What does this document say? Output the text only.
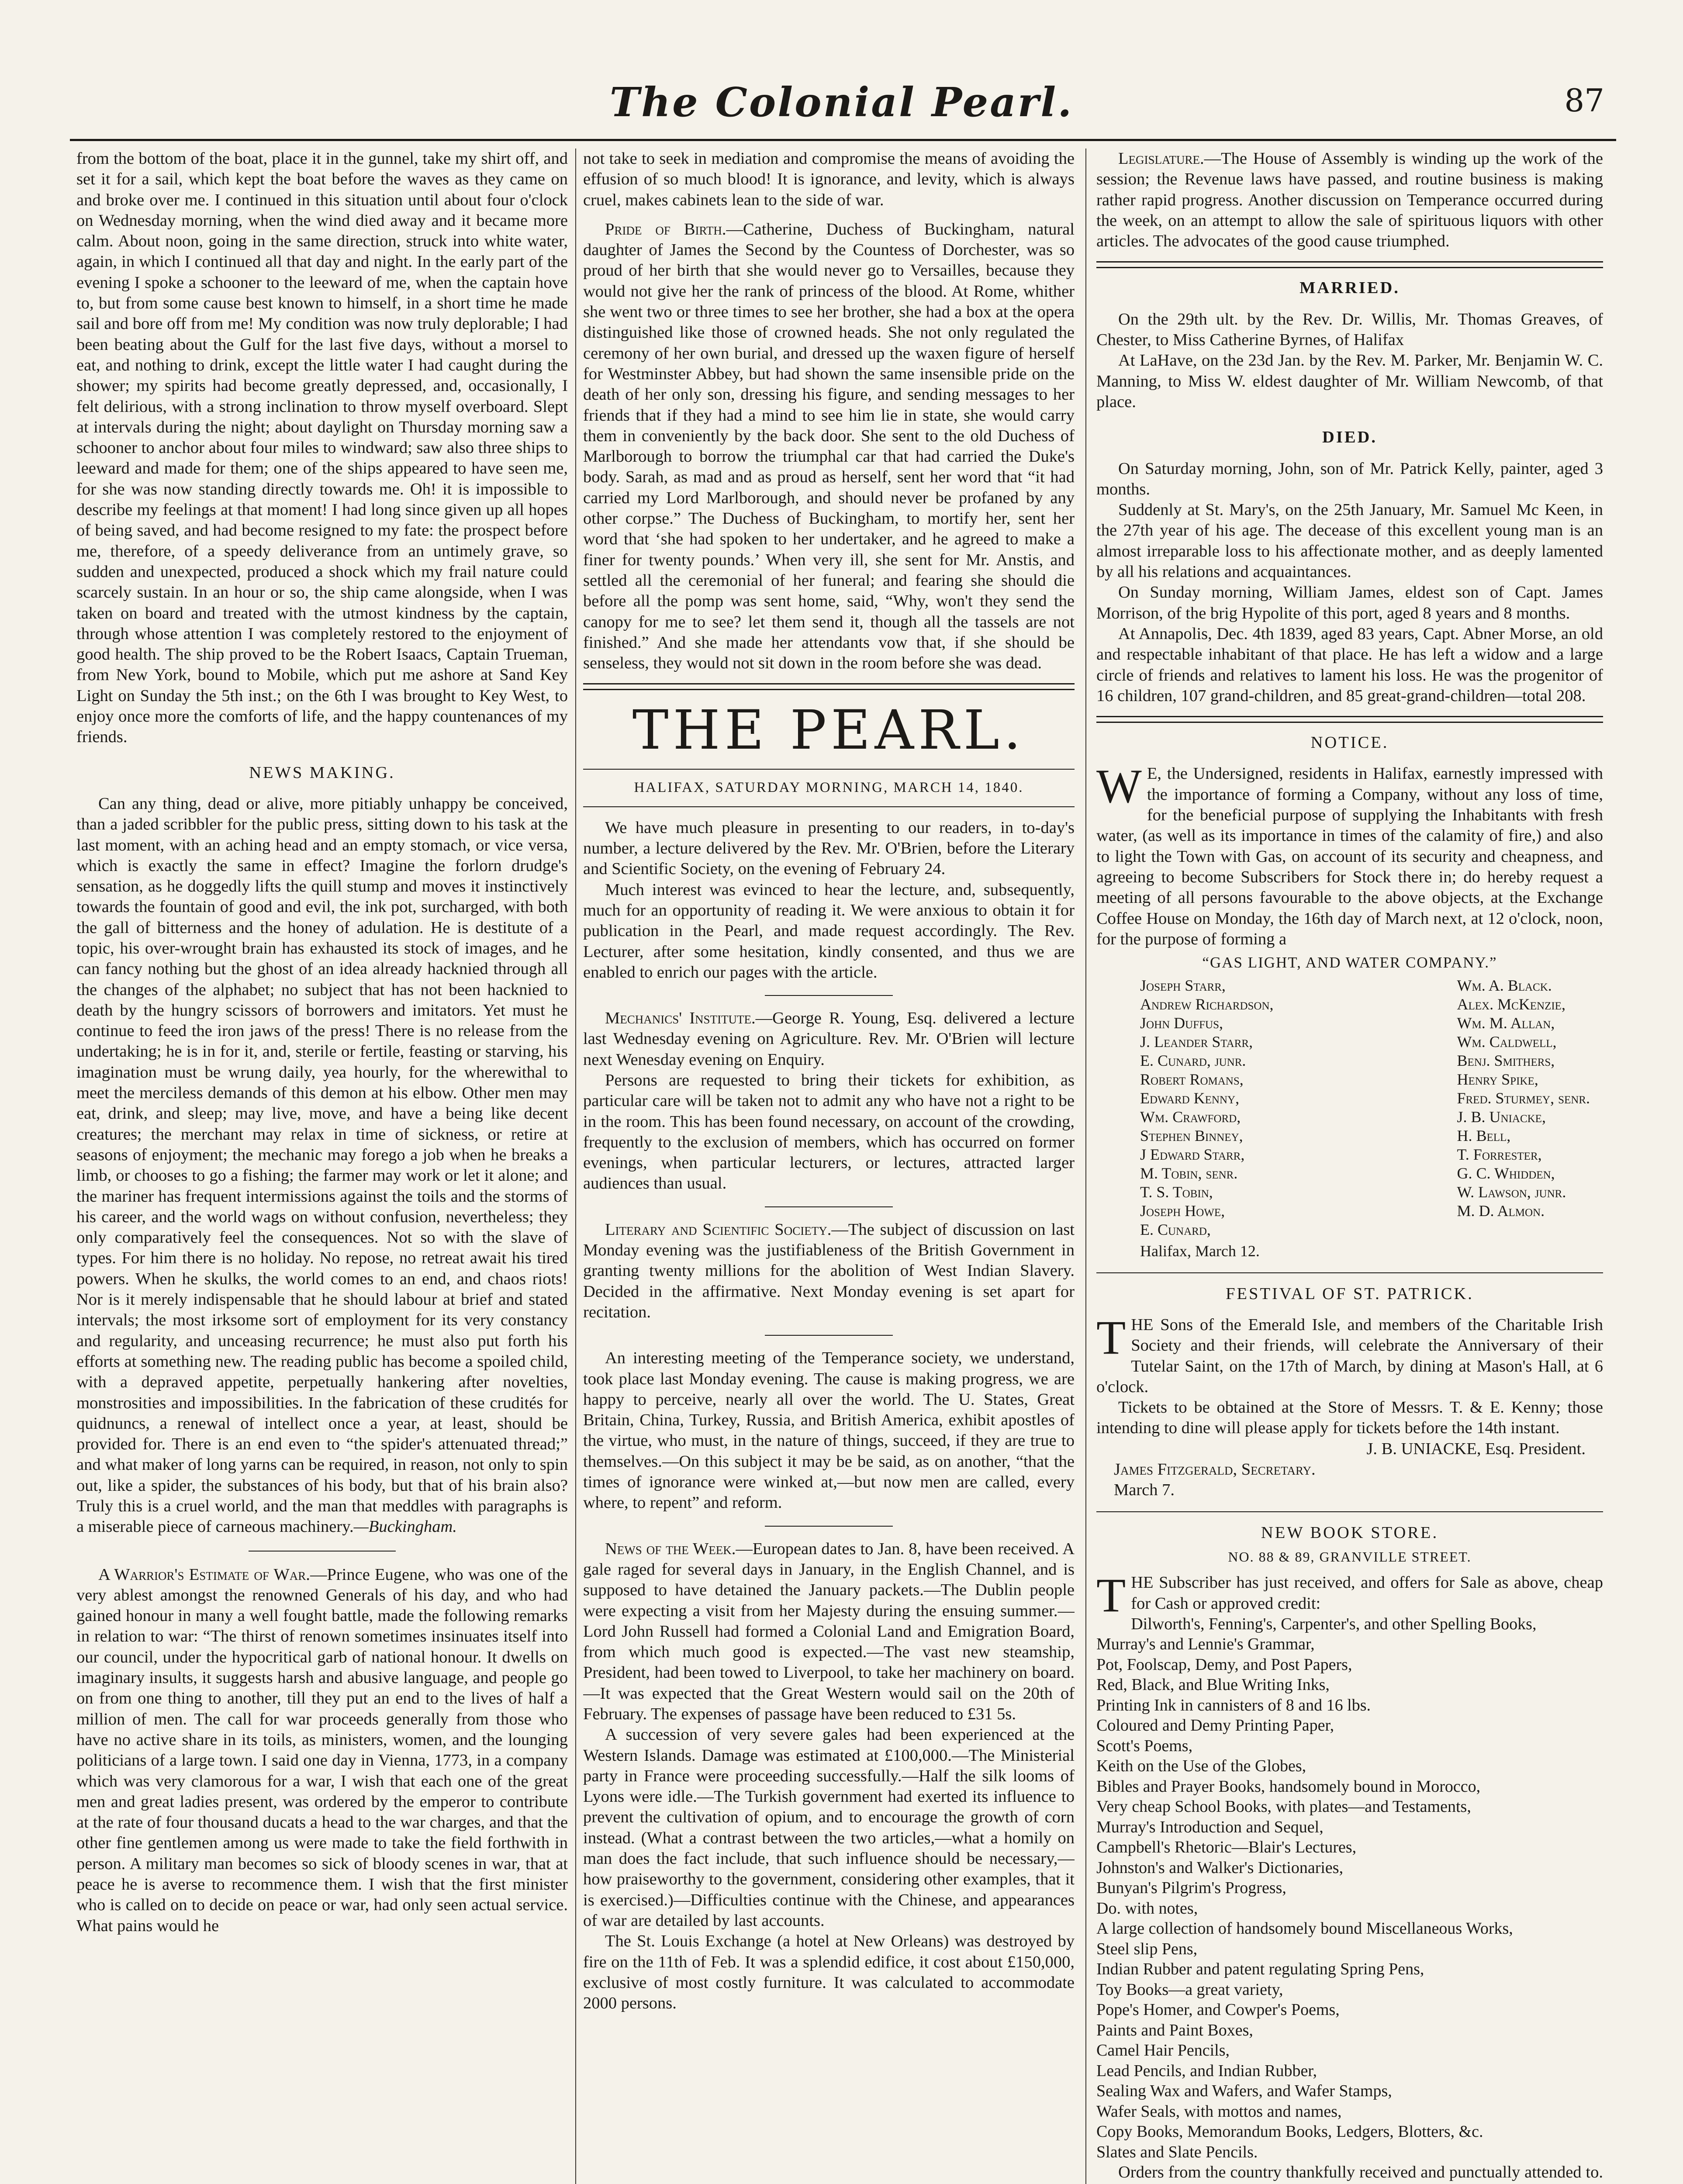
The Colonial Pearl.	87

from the bottom of the boat, place it in the gunnel, take my shirt off, and set it for a sail, which kept the boat before the waves as they came on and broke over me. I continued in this situation until about four o'clock on Wednesday morning, when the wind died away and it became more calm. About noon, going in the same direction, struck into white water, again, in which I continued all that day and night. In the early part of the evening I spoke a schooner to the leeward of me, when the captain hove to, but from some cause best known to himself, in a short time he made sail and bore off from me! My condition was now truly deplorable; I had been beating about the Gulf for the last five days, without a morsel to eat, and nothing to drink, except the little water I had caught during the shower; my spirits had become greatly depressed, and, occasionally, I felt delirious, with a strong inclination to throw myself overboard. Slept at intervals during the night; about daylight on Thursday morning saw a schooner to anchor about four miles to windward; saw also three ships to leeward and made for them; one of the ships appeared to have seen me, for she was now standing directly towards me. Oh! it is impossible to describe my feelings at that moment! I had long since given up all hopes of being saved, and had become resigned to my fate: the prospect before me, therefore, of a speedy deliverance from an untimely grave, so sudden and unexpected, produced a shock which my frail nature could scarcely sustain. In an hour or so, the ship came alongside, when I was taken on board and treated with the utmost kindness by the captain, through whose attention I was completely restored to the enjoyment of good health. The ship proved to be the Robert Isaacs, Captain Trueman, from New York, bound to Mobile, which put me ashore at Sand Key Light on Sunday the 5th inst.; on the 6th I was brought to Key West, to enjoy once more the comforts of life, and the happy countenances of my friends.

NEWS MAKING.

Can any thing, dead or alive, more pitiably unhappy be conceived, than a jaded scribbler for the public press, sitting down to his task at the last moment, with an aching head and an empty stomach, or vice versa, which is exactly the same in effect? Imagine the forlorn drudge's sensation, as he doggedly lifts the quill stump and moves it instinctively towards the fountain of good and evil, the ink pot, surcharged, with both the gall of bitterness and the honey of adulation. He is destitute of a topic, his over-wrought brain has exhausted its stock of images, and he can fancy nothing but the ghost of an idea already hacknied through all the changes of the alphabet; no subject that has not been hacknied to death by the hungry scissors of borrowers and imitators. Yet must he continue to feed the iron jaws of the press! There is no release from the undertaking; he is in for it, and, sterile or fertile, feasting or starving, his imagination must be wrung daily, yea hourly, for the wherewithal to meet the merciless demands of this demon at his elbow. Other men may eat, drink, and sleep; may live, move, and have a being like decent creatures; the merchant may relax in time of sickness, or retire at seasons of enjoyment; the mechanic may forego a job when he breaks a limb, or chooses to go a fishing; the farmer may work or let it alone; and the mariner has frequent intermissions against the toils and the storms of his career, and the world wags on without confusion, nevertheless; they only comparatively feel the consequences. Not so with the slave of types. For him there is no holiday. No repose, no retreat await his tired powers. When he skulks, the world comes to an end, and chaos riots! Nor is it merely indispensable that he should labour at brief and stated intervals; the most irksome sort of employment for its very constancy and regularity, and unceasing recurrence; he must also put forth his efforts at something new. The reading public has become a spoiled child, with a depraved appetite, perpetually hankering after novelties, monstrosities and impossibilities. In the fabrication of these crudités for quidnuncs, a renewal of intellect once a year, at least, should be provided for. There is an end even to “the spider's attenuated thread;” and what maker of long yarns can be required, in reason, not only to spin out, like a spider, the substances of his body, but that of his brain also? Truly this is a cruel world, and the man that meddles with paragraphs is a miserable piece of carneous machinery.—Buckingham.

A Warrior's Estimate of War.—Prince Eugene, who was one of the very ablest amongst the renowned Generals of his day, and who had gained honour in many a well fought battle, made the following remarks in relation to war: “The thirst of renown sometimes insinuates itself into our council, under the hypocritical garb of national honour. It dwells on imaginary insults, it suggests harsh and abusive language, and people go on from one thing to another, till they put an end to the lives of half a million of men. The call for war proceeds generally from those who have no active share in its toils, as ministers, women, and the lounging politicians of a large town. I said one day in Vienna, 1773, in a company which was very clamorous for a war, I wish that each one of the great men and great ladies present, was ordered by the emperor to contribute at the rate of four thousand ducats a head to the war charges, and that the other fine gentlemen among us were made to take the field forthwith in person. A military man becomes so sick of bloody scenes in war, that at peace he is averse to recommence them. I wish that the first minister who is called on to decide on peace or war, had only seen actual service. What pains would he

not take to seek in mediation and compromise the means of avoiding the effusion of so much blood! It is ignorance, and levity, which is always cruel, makes cabinets lean to the side of war.

Pride of Birth.—Catherine, Duchess of Buckingham, natural daughter of James the Second by the Countess of Dorchester, was so proud of her birth that she would never go to Versailles, because they would not give her the rank of princess of the blood. At Rome, whither she went two or three times to see her brother, she had a box at the opera distinguished like those of crowned heads. She not only regulated the ceremony of her own burial, and dressed up the waxen figure of herself for Westminster Abbey, but had shown the same insensible pride on the death of her only son, dressing his figure, and sending messages to her friends that if they had a mind to see him lie in state, she would carry them in conveniently by the back door. She sent to the old Duchess of Marlborough to borrow the triumphal car that had carried the Duke's body. Sarah, as mad and as proud as herself, sent her word that “it had carried my Lord Marlborough, and should never be profaned by any other corpse.” The Duchess of Buckingham, to mortify her, sent her word that ‘she had spoken to her undertaker, and he agreed to make a finer for twenty pounds.’ When very ill, she sent for Mr. Anstis, and settled all the ceremonial of her funeral; and fearing she should die before all the pomp was sent home, said, “Why, won't they send the canopy for me to see? let them send it, though all the tassels are not finished.” And she made her attendants vow that, if she should be senseless, they would not sit down in the room before she was dead.

THE PEARL.
HALIFAX, SATURDAY MORNING, MARCH 14, 1840.

We have much pleasure in presenting to our readers, in to-day's number, a lecture delivered by the Rev. Mr. O'Brien, before the Literary and Scientific Society, on the evening of February 24.

Much interest was evinced to hear the lecture, and, subsequently, much for an opportunity of reading it. We were anxious to obtain it for publication in the Pearl, and made request accordingly. The Rev. Lecturer, after some hesitation, kindly consented, and thus we are enabled to enrich our pages with the article.

Mechanics' Institute.—George R. Young, Esq. delivered a lecture last Wednesday evening on Agriculture. Rev. Mr. O'Brien will lecture next Wenesday evening on Enquiry.

Persons are requested to bring their tickets for exhibition, as particular care will be taken not to admit any who have not a right to be in the room. This has been found necessary, on account of the crowding, frequently to the exclusion of members, which has occurred on former evenings, when particular lecturers, or lectures, attracted larger audiences than usual.

Literary and Scientific Society.—The subject of discussion on last Monday evening was the justifiableness of the British Government in granting twenty millions for the abolition of West Indian Slavery. Decided in the affirmative. Next Monday evening is set apart for recitation.

An interesting meeting of the Temperance society, we understand, took place last Monday evening. The cause is making progress, we are happy to perceive, nearly all over the world. The U. States, Great Britain, China, Turkey, Russia, and British America, exhibit apostles of the virtue, who must, in the nature of things, succeed, if they are true to themselves.—On this subject it may be be said, as on another, “that the times of ignorance were winked at,—but now men are called, every where, to repent” and reform.

News of the Week.—European dates to Jan. 8, have been received. A gale raged for several days in January, in the English Channel, and is supposed to have detained the January packets.—The Dublin people were expecting a visit from her Majesty during the ensuing summer.—Lord John Russell had formed a Colonial Land and Emigration Board, from which much good is expected.—The vast new steamship, President, had been towed to Liverpool, to take her machinery on board.—It was expected that the Great Western would sail on the 20th of February. The expenses of passage have been reduced to £31 5s.

A succession of very severe gales had been experienced at the Western Islands. Damage was estimated at £100,000.—The Ministerial party in France were proceeding successfully.—Half the silk looms of Lyons were idle.—The Turkish government had exerted its influence to prevent the cultivation of opium, and to encourage the growth of corn instead. (What a contrast between the two articles,—what a homily on man does the fact include, that such influence should be necessary,—how praiseworthy to the government, considering other examples, that it is exercised.)—Difficulties continue with the Chinese, and appearances of war are detailed by last accounts.

The St. Louis Exchange (a hotel at New Orleans) was destroyed by fire on the 11th of Feb. It was a splendid edifice, it cost about £150,000, exclusive of most costly furniture. It was calculated to accommodate 2000 persons.

Legislature.—The House of Assembly is winding up the work of the session; the Revenue laws have passed, and routine business is making rather rapid progress. Another discussion on Temperance occurred during the week, on an attempt to allow the sale of spirituous liquors with other articles. The advocates of the good cause triumphed.

MARRIED.

On the 29th ult. by the Rev. Dr. Willis, Mr. Thomas Greaves, of Chester, to Miss Catherine Byrnes, of Halifax

At LaHave, on the 23d Jan. by the Rev. M. Parker, Mr. Benjamin W. C. Manning, to Miss W. eldest daughter of Mr. William Newcomb, of that place.

DIED.

On Saturday morning, John, son of Mr. Patrick Kelly, painter, aged 3 months.

Suddenly at St. Mary's, on the 25th January, Mr. Samuel Mc Keen, in the 27th year of his age. The decease of this excellent young man is an almost irreparable loss to his affectionate mother, and as deeply lamented by all his relations and acquaintances.

On Sunday morning, William James, eldest son of Capt. James Morrison, of the brig Hypolite of this port, aged 8 years and 8 months.

At Annapolis, Dec. 4th 1839, aged 83 years, Capt. Abner Morse, an old and respectable inhabitant of that place. He has left a widow and a large circle of friends and relatives to lament his loss. He was the progenitor of 16 children, 107 grand-children, and 85 great-grand-children—total 208.

NOTICE.

W E, the Undersigned, residents in Halifax, earnestly impressed with the importance of forming a Company, without any loss of time, for the beneficial purpose of supplying the Inhabitants with fresh water, (as well as its importance in times of the calamity of fire,) and also to light the Town with Gas, on account of its security and cheapness, and agreeing to become Subscribers for Stock there in; do hereby request a meeting of all persons favourable to the above objects, at the Exchange Coffee House on Monday, the 16th day of March next, at 12 o'clock, noon, for the purpose of forming a

“GAS LIGHT, AND WATER COMPANY.”
Joseph Starr,
Andrew Richardson,
John Duffus,
J. Leander Starr,
E. Cunard, junr.
Robert Romans,
Edward Kenny,
Wm. Crawford,
Stephen Binney,
J Edward Starr,
M. Tobin, senr.
T. S. Tobin,
Joseph Howe,
E. Cunard,
Wm. A. Black.
Alex. McKenzie,
Wm. M. Allan,
Wm. Caldwell,
Benj. Smithers,
Henry Spike,
Fred. Sturmey, senr.
J. B. Uniacke,
H. Bell,
T. Forrester,
G. C. Whidden,
W. Lawson, junr.
M. D. Almon.
Halifax, March 12.
FESTIVAL OF ST. PATRICK.

THE Sons of the Emerald Isle, and members of the Charitable Irish Society and their friends, will celebrate the Anniversary of their Tutelar Saint, on the 17th of March, by dining at Mason's Hall, at 6 o'clock.

Tickets to be obtained at the Store of Messrs. T. & E. Kenny; those intending to dine will please apply for tickets before the 14th instant.

J. B. UNIACKE, Esq. President.

James Fitzgerald, Secretary.

March 7.

NEW BOOK STORE.
NO. 88 & 89, GRANVILLE STREET.

THE Subscriber has just received, and offers for Sale as above, cheap for Cash or approved credit:

Dilworth's, Fenning's, Carpenter's, and other Spelling Books,
Murray's and Lennie's Grammar,
Pot, Foolscap, Demy, and Post Papers,
Red, Black, and Blue Writing Inks,
Printing Ink in cannisters of 8 and 16 lbs.
Coloured and Demy Printing Paper,
Scott's Poems,
Keith on the Use of the Globes,
Bibles and Prayer Books, handsomely bound in Morocco,
Very cheap School Books, with plates—and Testaments,
Murray's Introduction and Sequel,
Campbell's Rhetoric—Blair's Lectures,
Johnston's and Walker's Dictionaries,
Bunyan's Pilgrim's Progress,
Do. with notes,
A large collection of handsomely bound Miscellaneous Works,
Steel slip Pens,
Indian Rubber and patent regulating Spring Pens,
Toy Books—a great variety,
Pope's Homer, and Cowper's Poems,
Paints and Paint Boxes,
Camel Hair Pencils,
Lead Pencils, and Indian Rubber,
Sealing Wax and Wafers, and Wafer Stamps,
Wafer Seals, with mottos and names,
Copy Books, Memorandum Books, Ledgers, Blotters, &c.
Slates and Slate Pencils.

Orders from the country thankfully received and punctually attended to.
